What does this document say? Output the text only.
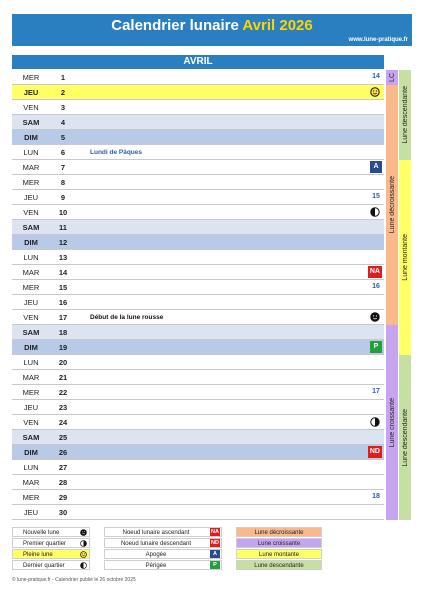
Calendrier lunaire Avril 2026
www.lune-pratique.fr
AVRIL
MER	1	14
JEU	2
VEN	3
SAM	4
DIM	5
LUN	6	Lundi de Pâques
MAR	7	A
MER	8
JEU	9	15
VEN	10
SAM	11
DIM	12
LUN	13
MAR	14	NA
MER	15	16
JEU	16
VEN	17	Début de la lune rousse
SAM	18
DIM	19	P
LUN	20
MAR	21
MER	22	17
JEU	23
VEN	24
SAM	25
DIM	26	ND
LUN	27
MAR	28
MER	29	18
JEU	30
LC
Lune décroissante
Lune croissante
Lune descendante
Lune montante
Lune descendante
Nouvelle lune
Premier quartier
Pleine lune
Dernier quartier
Noeud lunaire ascendant	NA
Noeud lunaire descendant	ND
Apogée	A
Périgée	P
Lune décroissante
Lune croissante
Lune montante
Lune descendante
© lune-pratique.fr - Calendrier publié le 26 octobre 2025
